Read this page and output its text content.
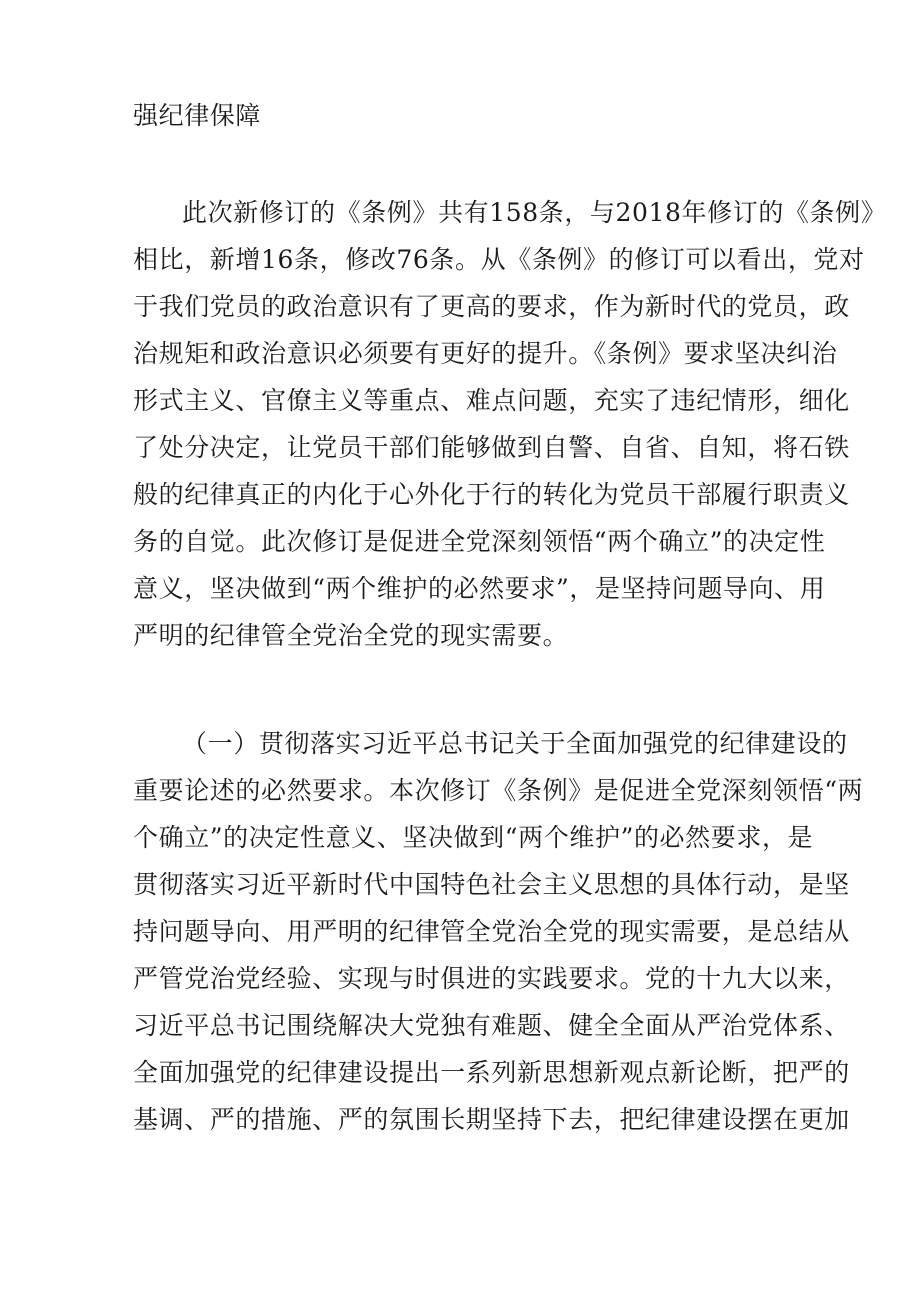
强纪律保障
此次新修订的《条例》共有158条，与2018年修订的《条例》
相比，新增16条，修改76条。从《条例》的修订可以看出，党对
于我们党员的政治意识有了更高的要求，作为新时代的党员，政
治规矩和政治意识必须要有更好的提升。《条例》要求坚决纠治
形式主义、官僚主义等重点、难点问题，充实了违纪情形，细化
了处分决定，让党员干部们能够做到自警、自省、自知，将石铁
般的纪律真正的内化于心外化于行的转化为党员干部履行职责义
务的自觉。此次修订是促进全党深刻领悟“两个确立”的决定性
意义，坚决做到“两个维护的必然要求”，是坚持问题导向、用
严明的纪律管全党治全党的现实需要。
（一）贯彻落实习近平总书记关于全面加强党的纪律建设的
重要论述的必然要求。本次修订《条例》是促进全党深刻领悟“两
个确立”的决定性意义、坚决做到“两个维护”的必然要求，是
贯彻落实习近平新时代中国特色社会主义思想的具体行动，是坚
持问题导向、用严明的纪律管全党治全党的现实需要，是总结从
严管党治党经验、实现与时俱进的实践要求。党的十九大以来，
习近平总书记围绕解决大党独有难题、健全全面从严治党体系、
全面加强党的纪律建设提出一系列新思想新观点新论断，把严的
基调、严的措施、严的氛围长期坚持下去，把纪律建设摆在更加
